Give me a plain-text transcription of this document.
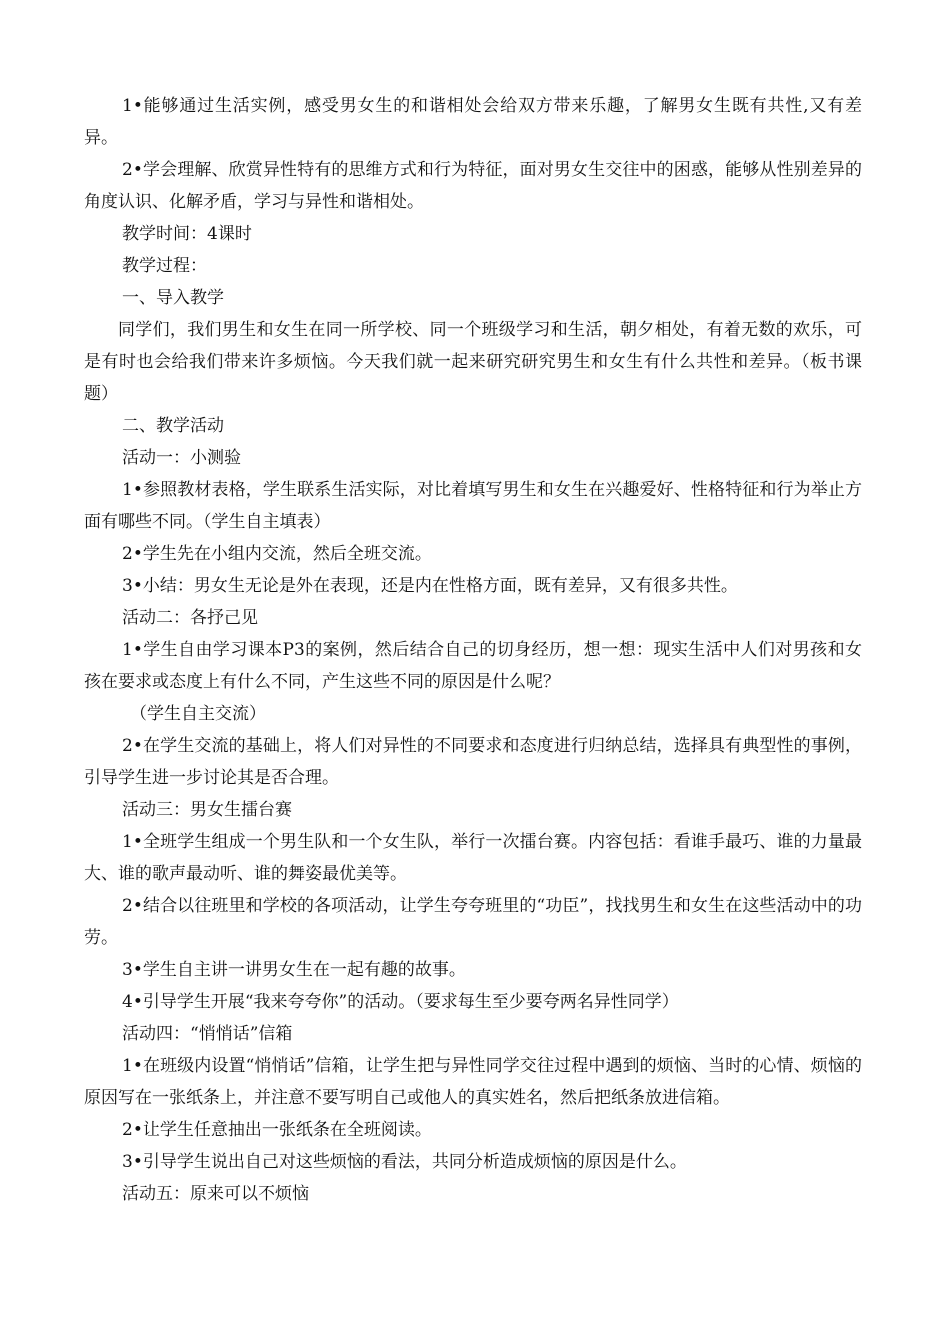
1•能够通过生活实例，感受男女生的和谐相处会给双方带来乐趣，了解男女生既有共性,又有差异。

2•学会理解、欣赏异性特有的思维方式和行为特征，面对男女生交往中的困惑，能够从性别差异的角度认识、化解矛盾，学习与异性和谐相处。

教学时间：4课时

教学过程：

一、导入教学

同学们，我们男生和女生在同一所学校、同一个班级学习和生活，朝夕相处，有着无数的欢乐，可是有时也会给我们带来许多烦恼。今天我们就一起来研究研究男生和女生有什么共性和差异。（板书课题）

二、教学活动

活动一：小测验

1•参照教材表格，学生联系生活实际，对比着填写男生和女生在兴趣爱好、性格特征和行为举止方面有哪些不同。（学生自主填表）

2•学生先在小组内交流，然后全班交流。

3•小结：男女生无论是外在表现，还是内在性格方面，既有差异，又有很多共性。

活动二：各抒己见

1•学生自由学习课本P3的案例，然后结合自己的切身经历，想一想：现实生活中人们对男孩和女孩在要求或态度上有什么不同，产生这些不同的原因是什么呢？

（学生自主交流）

2•在学生交流的基础上，将人们对异性的不同要求和态度进行归纳总结，选择具有典型性的事例，引导学生进一步讨论其是否合理。

活动三：男女生擂台赛

1•全班学生组成一个男生队和一个女生队，举行一次擂台赛。内容包括：看谁手最巧、谁的力量最大、谁的歌声最动听、谁的舞姿最优美等。

2•结合以往班里和学校的各项活动，让学生夸夸班里的“功臣”，找找男生和女生在这些活动中的功劳。

3•学生自主讲一讲男女生在一起有趣的故事。

4•引导学生开展“我来夸夸你”的活动。（要求每生至少要夸两名异性同学）

活动四：“悄悄话”信箱

1•在班级内设置“悄悄话”信箱，让学生把与异性同学交往过程中遇到的烦恼、当时的心情、烦恼的原因写在一张纸条上，并注意不要写明自己或他人的真实姓名，然后把纸条放进信箱。

2•让学生任意抽出一张纸条在全班阅读。

3•引导学生说出自己对这些烦恼的看法，共同分析造成烦恼的原因是什么。

活动五：原来可以不烦恼
